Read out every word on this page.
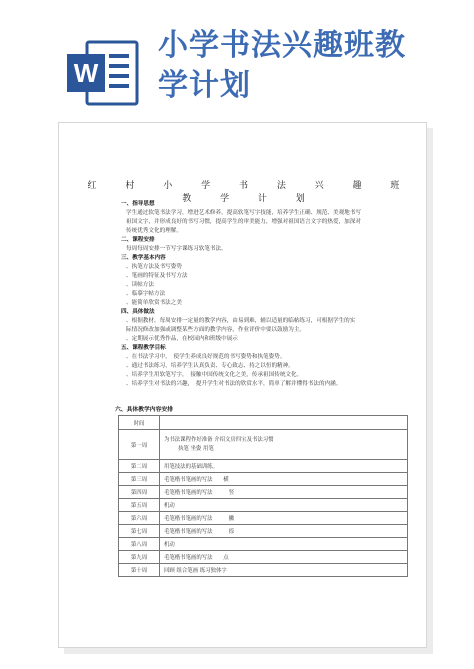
W
小学书法兴趣班教
学计划
红 村 小 学 书 法 兴 趣 班 教 学 计 划
一、指导思想
学生通过软笔书法学习，增进艺术修养，提高软笔写字技能，培养学生正确、规范、美观地书写
祖国文字，并形成良好的书写习惯，提高学生的审美能力，增强对祖国语言文字的热爱，加深对
传统优秀文化的理解。
二、课程安排
每周每周安排一节写字课练习软笔书法。
三、教学基本内容
、执笔方法及书写姿势
、笔画的特征及书写方法
、读帖方法
、临摹字帖方法
、能简单欣赏书法之美
四、具体做法
、根据教材，每周安排一定量的教学内容，由易到难，辅以适量的临帖练习，可根据学生的实
际情况修改加强或调整某些方面的教学内容，作业评价中要以鼓励为主。
、定期展示优秀作品，在校园内和班级中展示
五、课程教学目标
、在书法学习中，　使学生养成良好规范的书写姿势和执笔姿势。
、通过书法练习，培养学生认真负责、专心致志、持之以恒的精神。
、培养学生用软笔写字，　接触中国传统文化之美，传承祖国传统文化。
、培养学生对书法的兴趣，　提升学生对书法的欣赏水平，简单了解并懂得书法的内涵。
六、具体教学内容安排
时间	
第一周	为书法课程作好准备 介绍文房四宝及书法习惯
执笔 坐姿 用笔

第二周	用笔技法的基础训练。

第三周	毛笔楷书笔画的写法　　横

第四周	毛笔楷书笔画的写法　　　竖

第五周	机动

第六周	毛笔楷书笔画的写法　　　撇

第七周	毛笔楷书笔画的写法　　　捺

第八周	机动

第九周	毛笔楷书笔画的写法　　点

第十周	回顾 组合笔画 练习独体字
